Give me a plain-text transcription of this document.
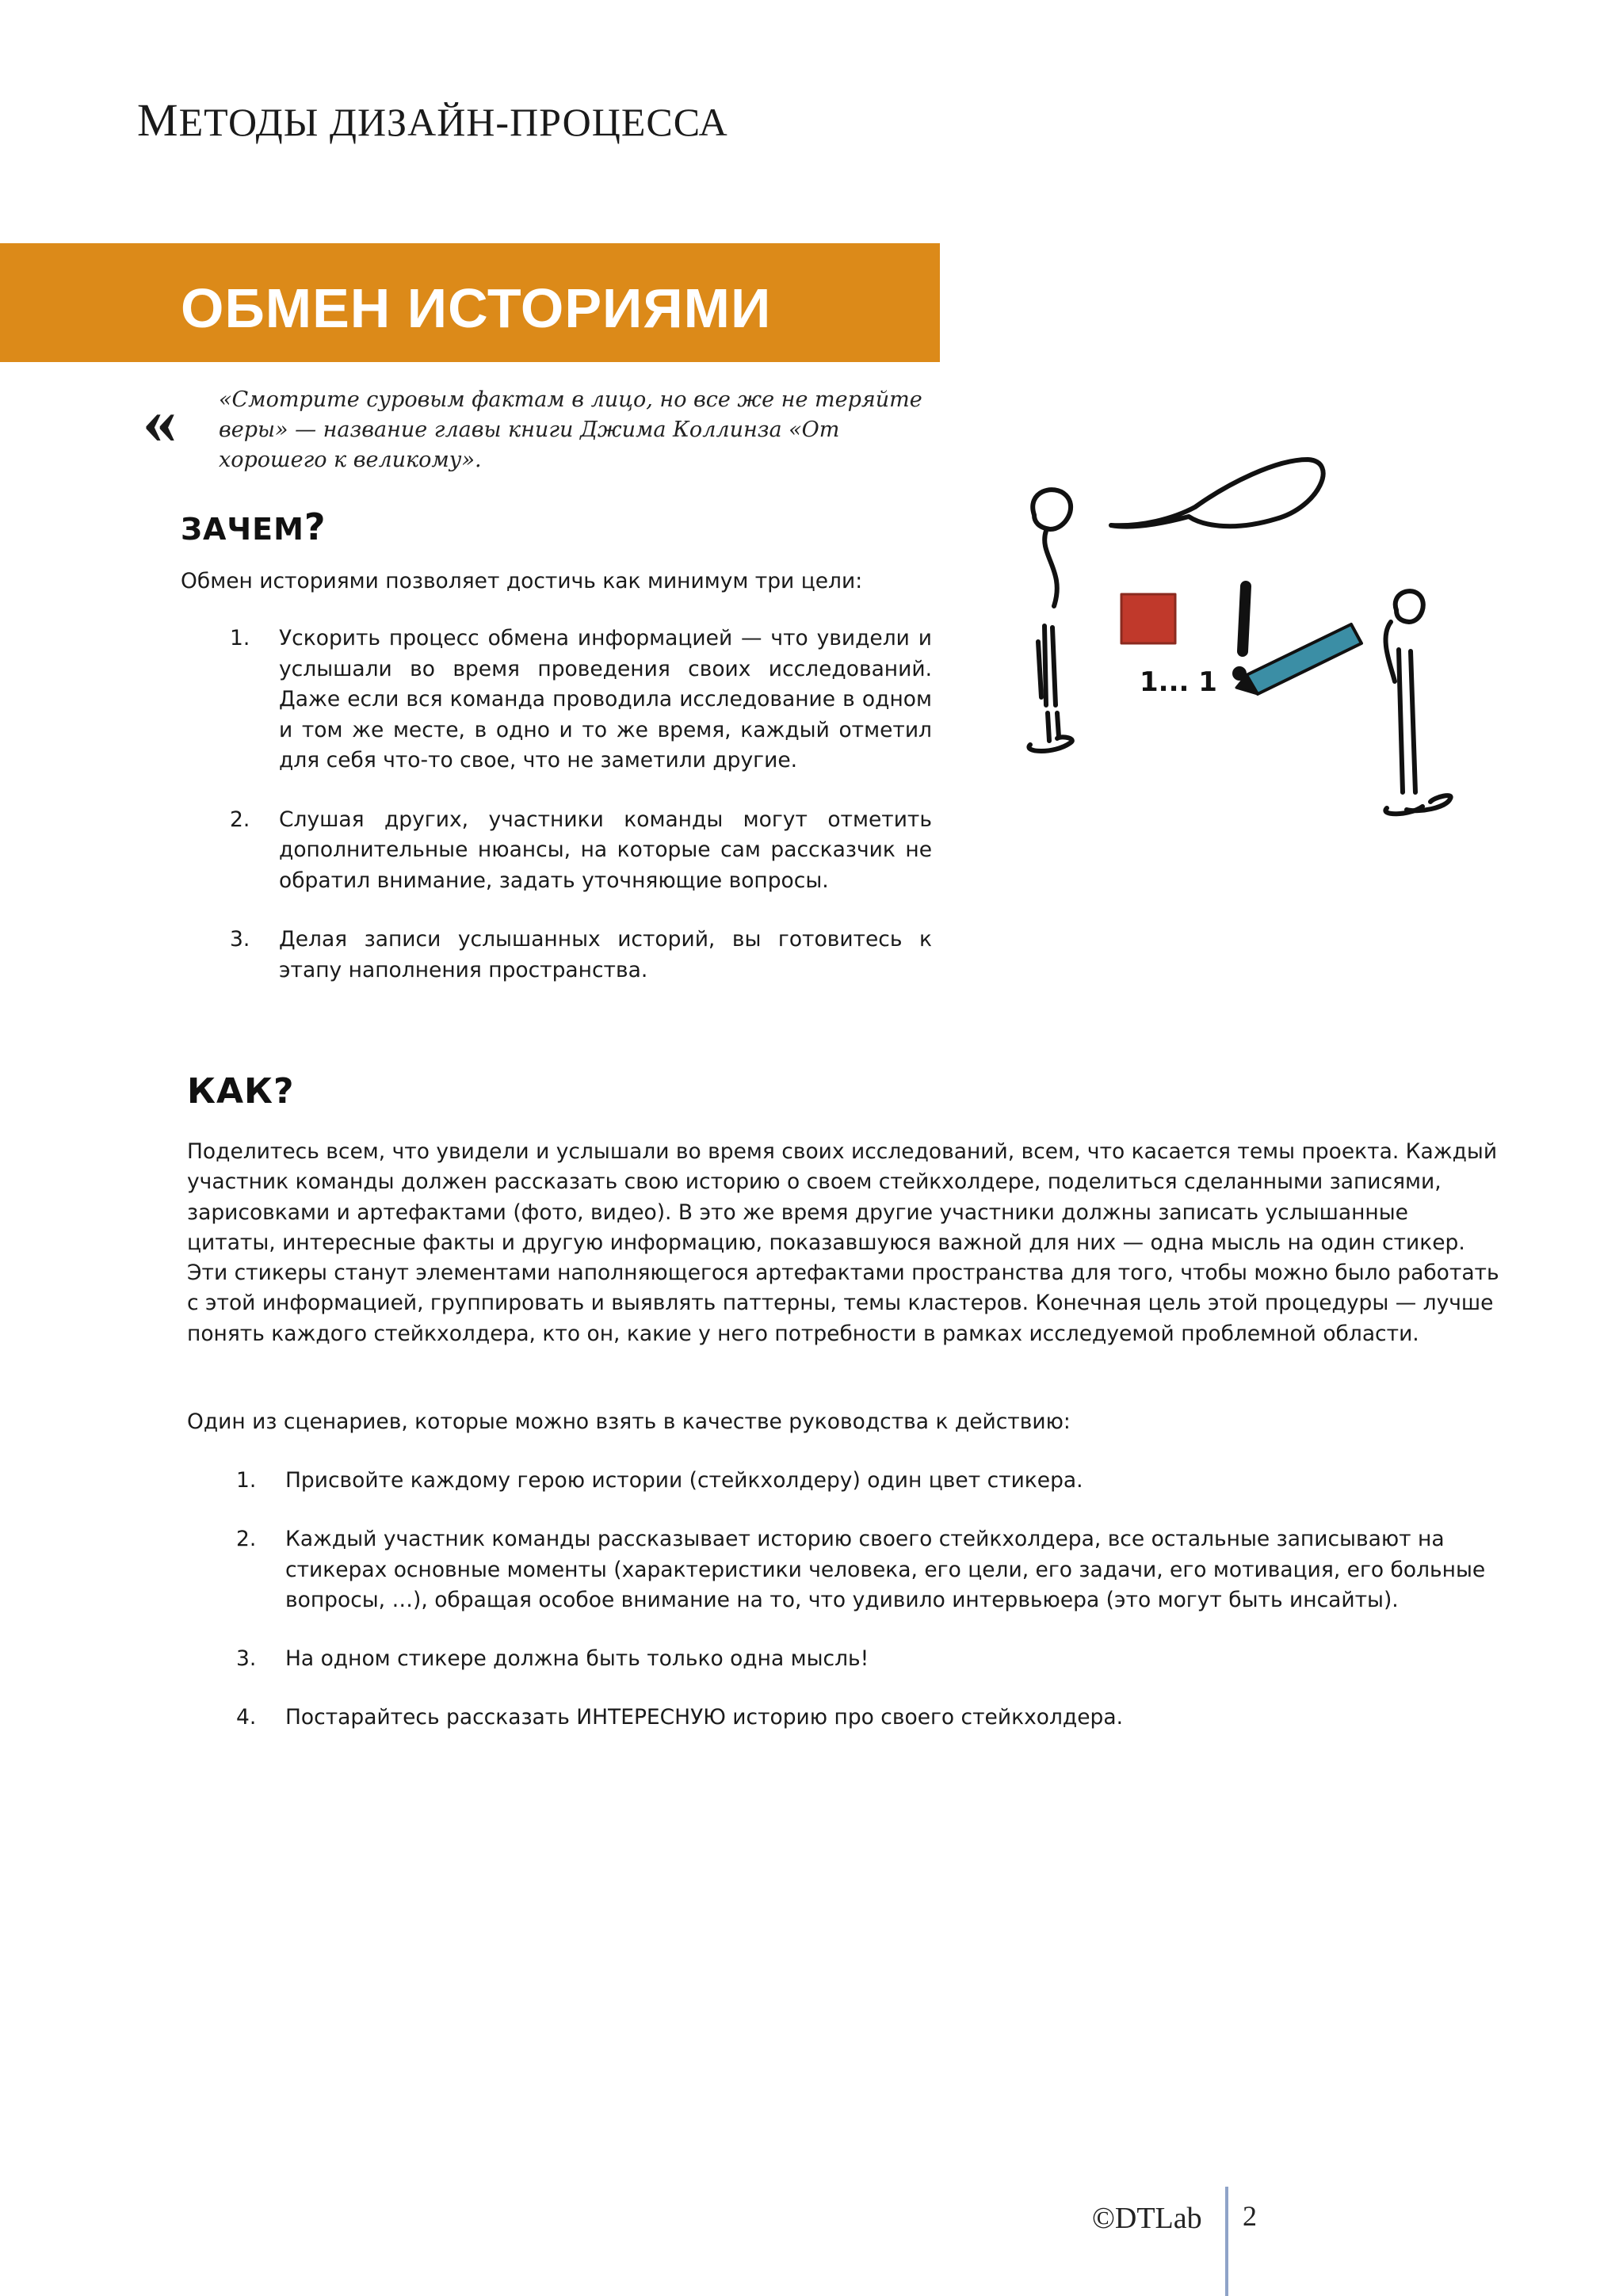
МЕТОДЫ ДИЗАЙН-ПРОЦЕССА
ОБМЕН ИСТОРИЯМИ
« «Смотрите суровым фактам в лицо, но все же не теряйте веры» — название главы книги Джима Коллинза «От хорошего к великому».
ЗАЧЕМ?

Обмен историями позволяет достичь как минимум три цели:

1. Ускорить процесс обмена информацией — что увидели и услышали во время проведения своих исследований. Даже если вся команда проводила исследование в одном и том же месте, в одно и то же время, каждый отметил для себя что-то свое, что не заметили другие.
2. Слушая других, участники команды могут отметить дополнительные нюансы, на которые сам рассказчик не обратил внимание, задать уточняющие вопросы.
3. Делая записи услышанных историй, вы готовитесь к этапу наполнения пространства.
1... 1
КАК?

Поделитесь всем, что увидели и услышали во время своих исследований, всем, что касается темы проекта. Каждый участник команды должен рассказать свою историю о своем стейкхолдере, поделиться сделанными записями, зарисовками и артефактами (фото, видео). В это же время другие участники должны записать услышанные цитаты, интересные факты и другую информацию, показавшуюся важной для них — одна мысль на один стикер. Эти стикеры станут элементами наполняющегося артефактами пространства для того, чтобы можно было работать с этой информацией, группировать и выявлять паттерны, темы кластеров. Конечная цель этой процедуры — лучше понять каждого стейкхолдера, кто он, какие у него потребности в рамках исследуемой проблемной области.

Один из сценариев, которые можно взять в качестве руководства к действию:

1. Присвойте каждому герою истории (стейкхолдеру) один цвет стикера.
2. Каждый участник команды рассказывает историю своего стейкхолдера, все остальные записывают на стикерах основные моменты (характеристики человека, его цели, его задачи, его мотивация, его больные вопросы, …), обращая особое внимание на то, что удивило интервьюера (это могут быть инсайты).
3. На одном стикере должна быть только одна мысль!
4. Постарайтесь рассказать ИНТЕРЕСНУЮ историю про своего стейкхолдера.
©DTLab 2
